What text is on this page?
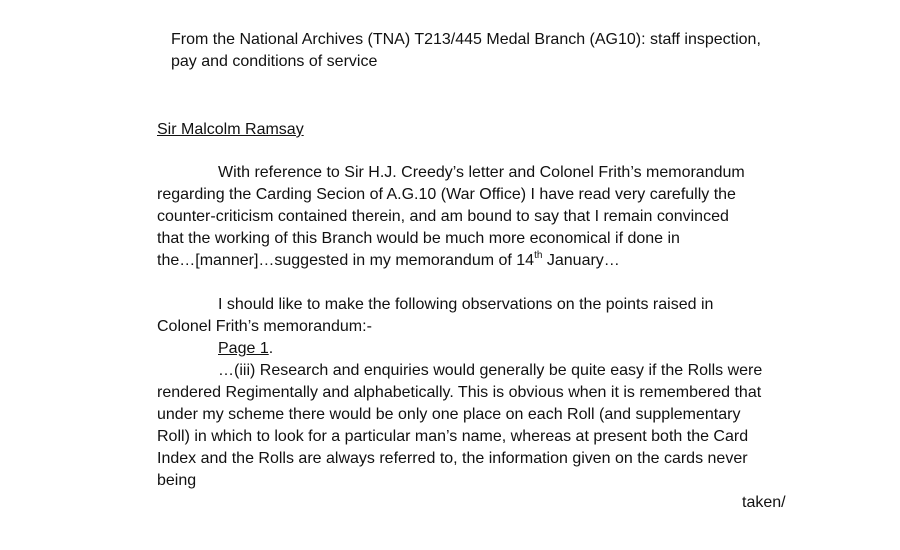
From the National Archives (TNA) T213/445 Medal Branch (AG10): staff inspection,
pay and conditions of service
Sir Malcolm Ramsay
With reference to Sir H.J. Creedy’s letter and Colonel Frith’s memorandum
regarding the Carding Secion of A.G.10 (War Office) I have read very carefully the
counter-criticism contained therein, and am bound to say that I remain convinced
that the working of this Branch would be much more economical if done in
the…[manner]…suggested in my memorandum of 14th January…
I should like to make the following observations on the points raised in
Colonel Frith’s memorandum:-
Page 1.
…(iii) Research and enquiries would generally be quite easy if the Rolls were
rendered Regimentally and alphabetically. This is obvious when it is remembered that
under my scheme there would be only one place on each Roll (and supplementary
Roll) in which to look for a particular man’s name, whereas at present both the Card
Index and the Rolls are always referred to, the information given on the cards never
being
taken/
